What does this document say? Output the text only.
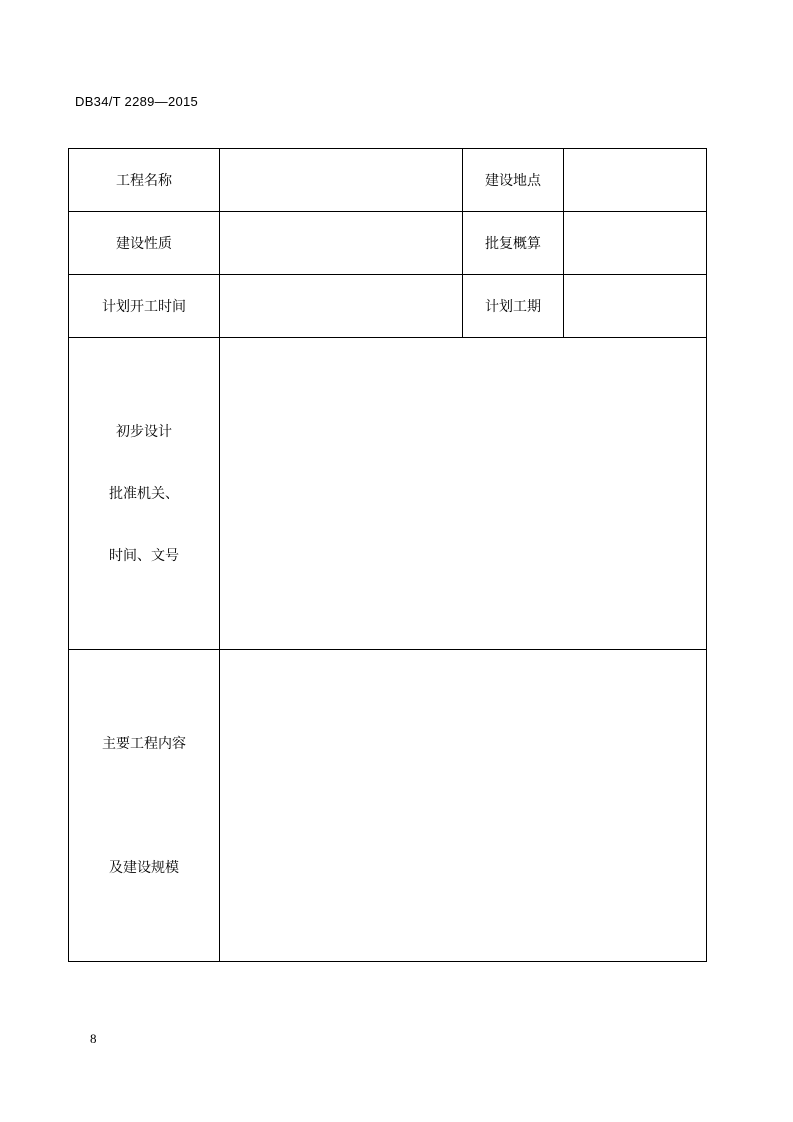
DB34/T 2289—2015
工程名称		建设地点	
建设性质		批复概算	
计划开工时间		计划工期	

初步设计
批准机关、
时间、文号			

主要工程内容
及建设规模			

8
